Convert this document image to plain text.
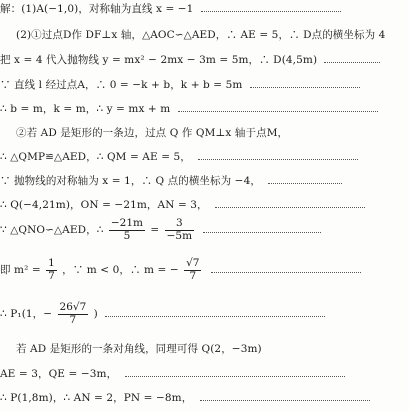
解：(1)A(−1,0)，对称轴为直线 x = −1
(2)①过点D作 DF⊥x 轴，△AOC∽△AED，∴ AE = 5，∴ D点的横坐标为 4
把 x = 4 代入抛物线 y = mx² − 2mx − 3m = 5m，∴ D(4,5m)
∵ 直线 l 经过点A，∴ 0 = −k + b，k + b = 5m
∴ b = m，k = m，∴ y = mx + m
②若 AD 是矩形的一条边，过点 Q 作 QM⊥x 轴于点M，
∴ △QMP≌△AED，∴ QM = AE = 5，
∵ 抛物线的对称轴为 x = 1，∴ Q 点的横坐标为 −4，
∴ Q(−4,21m)，ON = −21m，AN = 3，
∵ △QNO∽△AED，∴ $\frac{-21m}{5} = \frac{3}{-5m}$

即 $m^2 = \frac{1}{7}$ ，∵ m < 0，∴ m = − $\frac{√7}{7}$

∴ P₁(1，− $\frac{26√7}{7}$ )
若 AD 是矩形的一条对角线，同理可得 Q(2，−3m)
AE = 3，QE = −3m，
∴ P(1,8m)，∴ AN = 2，PN = −8m，
